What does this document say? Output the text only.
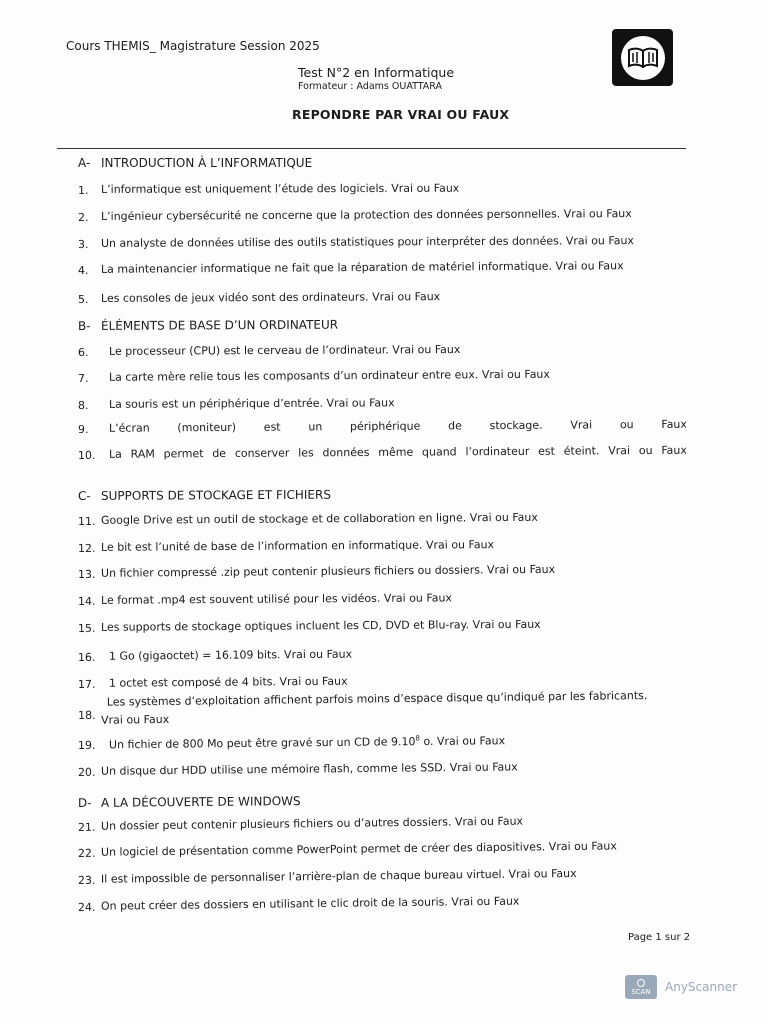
Cours THEMIS_ Magistrature Session 2025
Test N°2 en Informatique
Formateur : Adams OUATTARA
REPONDRE PAR VRAI OU FAUX
A- INTRODUCTION À L’INFORMATIQUE
B- ÉLÉMENTS DE BASE D’UN ORDINATEUR
C- SUPPORTS DE STOCKAGE ET FICHIERS
D- A LA DÉCOUVERTE DE WINDOWS
1. L’informatique est uniquement l’étude des logiciels. Vrai ou Faux
2. L’ingénieur cybersécurité ne concerne que la protection des données personnelles. Vrai ou Faux
3. Un analyste de données utilise des outils statistiques pour interpréter des données. Vrai ou Faux
4. La maintenancier informatique ne fait que la réparation de matériel informatique. Vrai ou Faux
5. Les consoles de jeux vidéo sont des ordinateurs. Vrai ou Faux
6. Le processeur (CPU) est le cerveau de l’ordinateur. Vrai ou Faux
7. La carte mère relie tous les composants d’un ordinateur entre eux. Vrai ou Faux
8. La souris est un périphérique d’entrée. Vrai ou Faux
9. L’écran	(moniteur)	est	un	périphérique	de	stockage.	Vrai	ou	Faux
10. La RAM permet de conserver les données même quand l’ordinateur est éteint. Vrai ou Faux
11. Google Drive est un outil de stockage et de collaboration en ligne. Vrai ou Faux
12. Le bit est l’unité de base de l’information en informatique. Vrai ou Faux
13. Un fichier compressé .zip peut contenir plusieurs fichiers ou dossiers. Vrai ou Faux
14. Le format .mp4 est souvent utilisé pour les vidéos. Vrai ou Faux
15. Les supports de stockage optiques incluent les CD, DVD et Blu-ray. Vrai ou Faux
16. 1 Go (gigaoctet) = 16.109 bits. Vrai ou Faux
17. 1 octet est composé de 4 bits. Vrai ou Faux
18.
Les systèmes d’exploitation affichent parfois moins d’espace disque qu’indiqué par les fabricants.
Vrai ou Faux
19. Un fichier de 800 Mo peut être gravé sur un CD de 9.10$^8$ o. Vrai ou Faux
20. Un disque dur HDD utilise une mémoire flash, comme les SSD. Vrai ou Faux
21. Un dossier peut contenir plusieurs fichiers ou d’autres dossiers. Vrai ou Faux
22. Un logiciel de présentation comme PowerPoint permet de créer des diapositives. Vrai ou Faux
23. Il est impossible de personnaliser l’arrière-plan de chaque bureau virtuel. Vrai ou Faux
24. On peut créer des dossiers en utilisant le clic droit de la souris. Vrai ou Faux
Page 1 sur 2
SCAN AnyScanner
